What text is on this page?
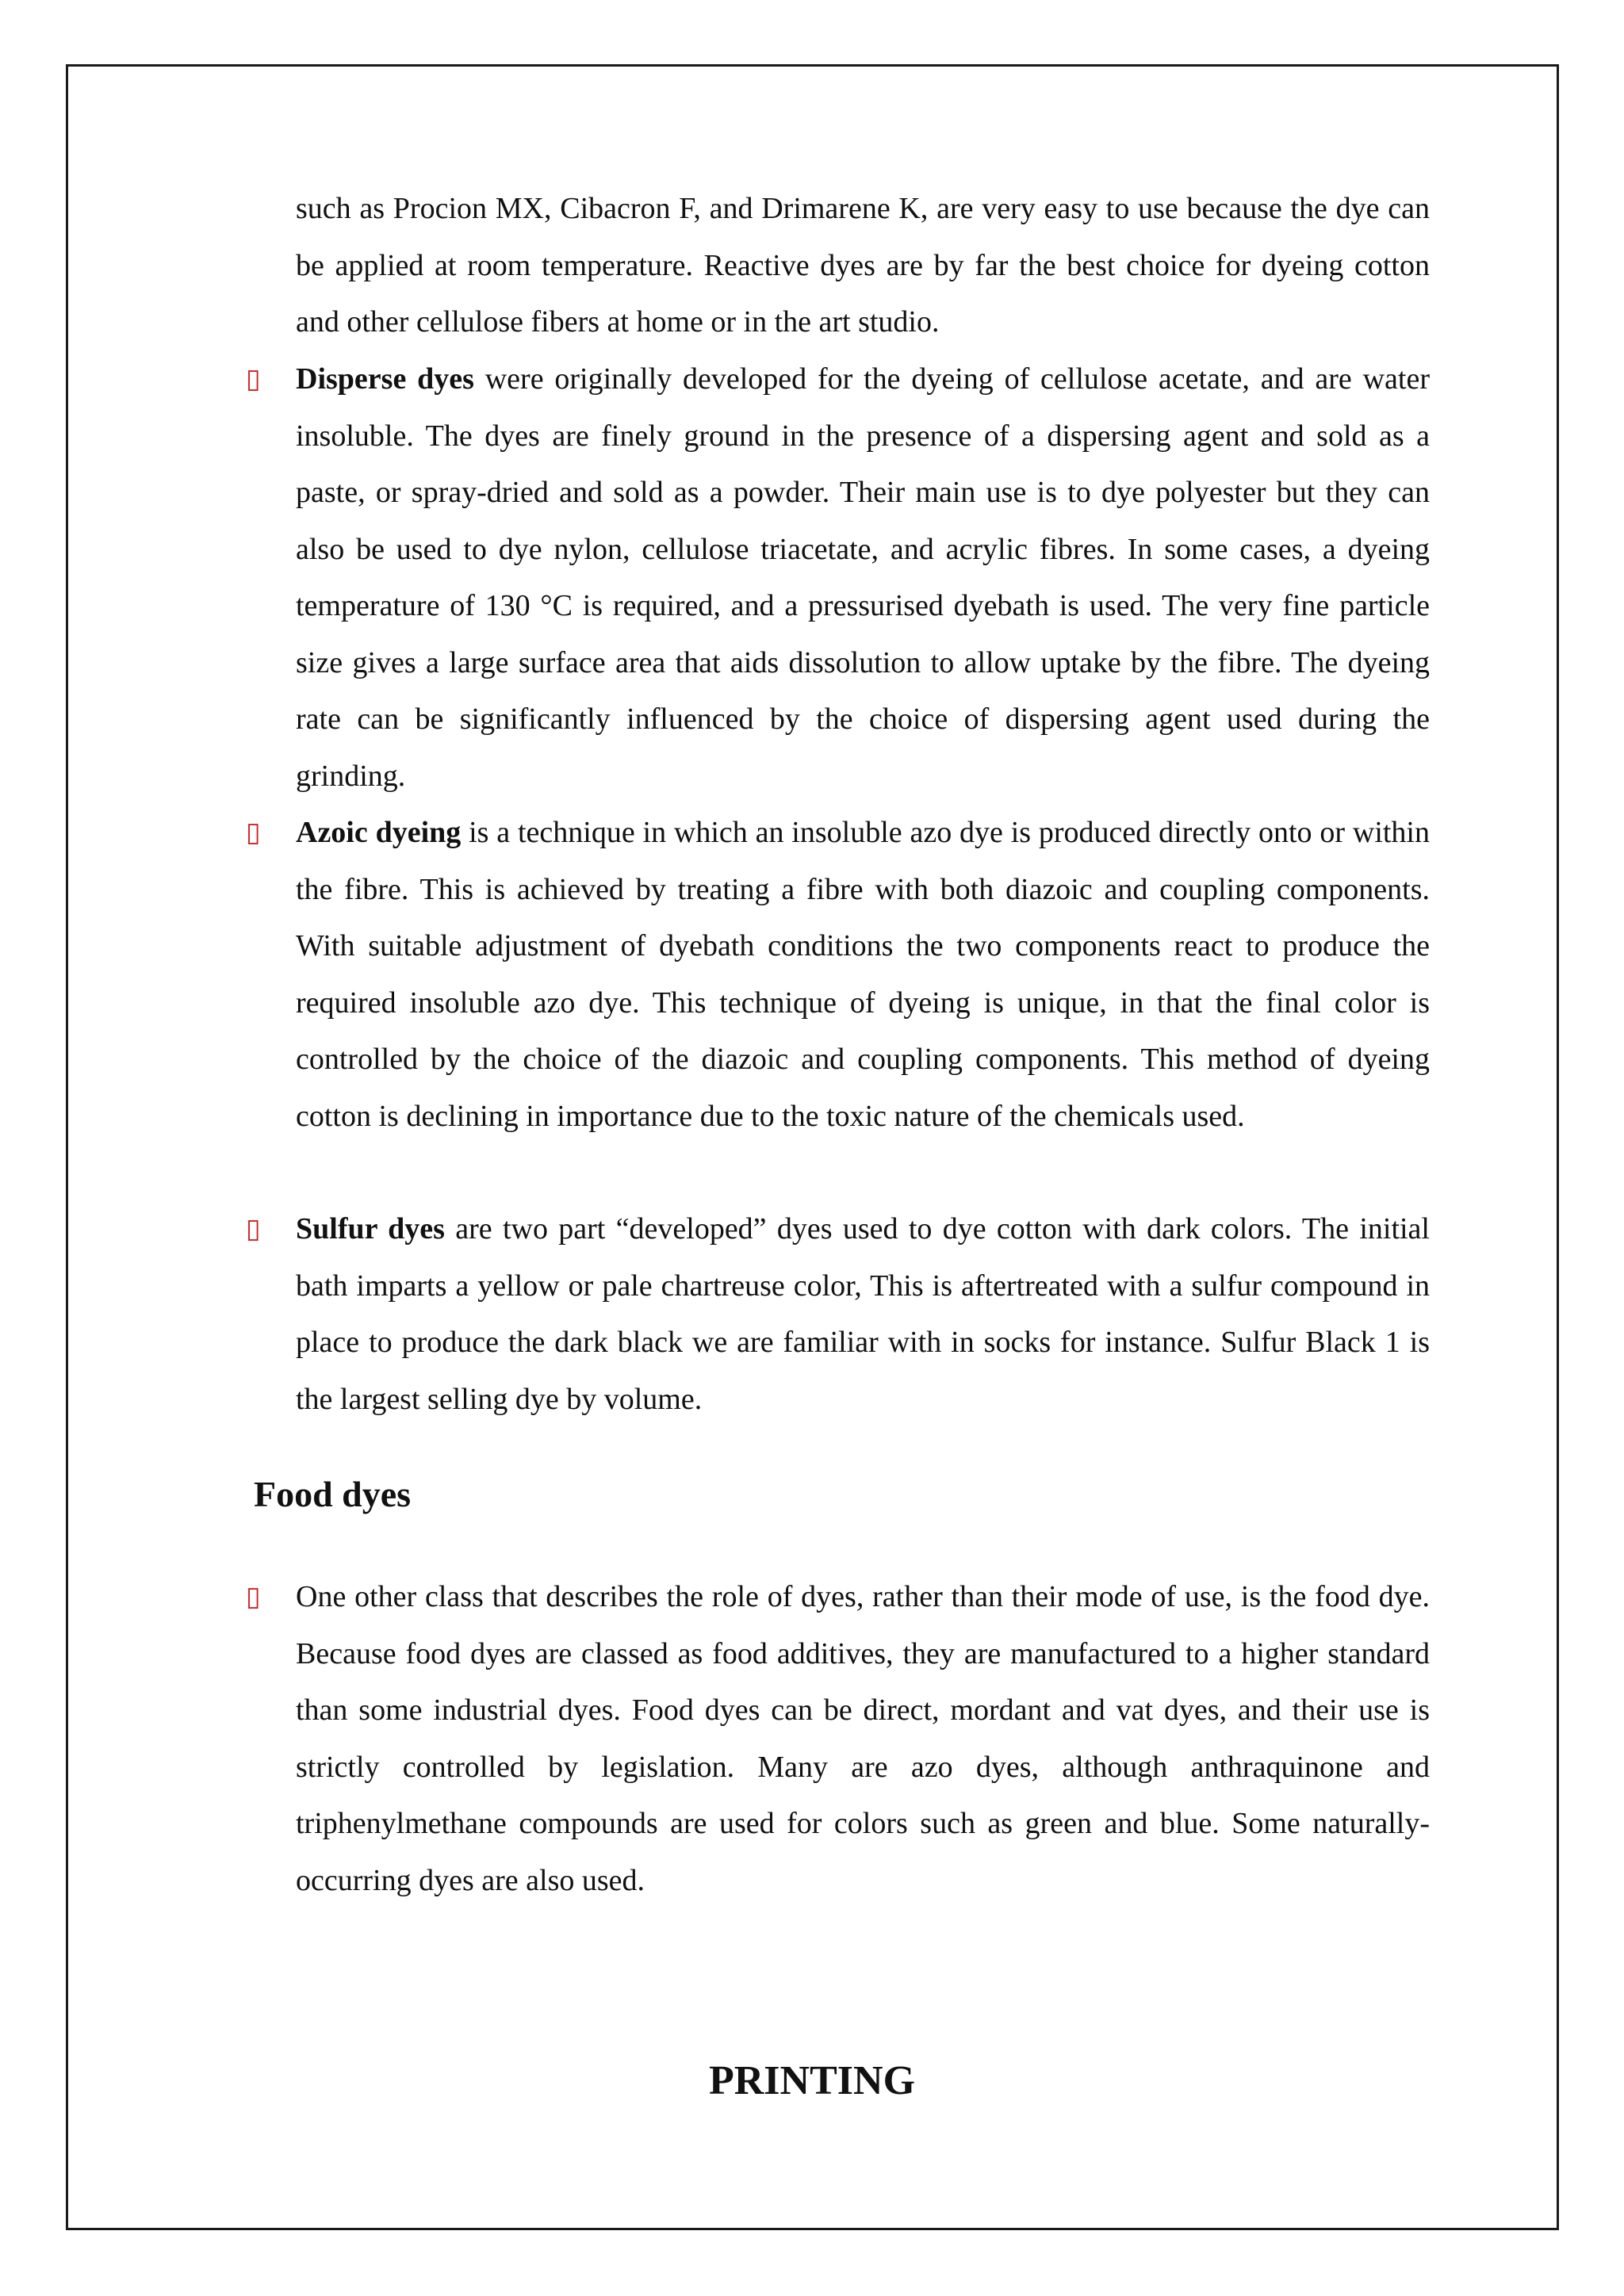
such as Procion MX, Cibacron F, and Drimarene K, are very easy to use because the dye can be applied at room temperature. Reactive dyes are by far the best choice for dyeing cotton and other cellulose fibers at home or in the art studio.

▯ Disperse dyes were originally developed for the dyeing of cellulose acetate, and are water insoluble. The dyes are finely ground in the presence of a dispersing agent and sold as a paste, or spray-dried and sold as a powder. Their main use is to dye polyester but they can also be used to dye nylon, cellulose triacetate, and acrylic fibres. In some cases, a dyeing temperature of 130 °C is required, and a pressurised dyebath is used. The very fine particle size gives a large surface area that aids dissolution to allow uptake by the fibre. The dyeing rate can be significantly influenced by the choice of dispersing agent used during the grinding.
▯ Azoic dyeing is a technique in which an insoluble azo dye is produced directly onto or within the fibre. This is achieved by treating a fibre with both diazoic and coupling components. With suitable adjustment of dyebath conditions the two components react to produce the required insoluble azo dye. This technique of dyeing is unique, in that the final color is controlled by the choice of the diazoic and coupling components. This method of dyeing cotton is declining in importance due to the toxic nature of the chemicals used.
▯ Sulfur dyes are two part “developed” dyes used to dye cotton with dark colors. The initial bath imparts a yellow or pale chartreuse color, This is aftertreated with a sulfur compound in place to produce the dark black we are familiar with in socks for instance. Sulfur Black 1 is the largest selling dye by volume.
Food dyes
▯ One other class that describes the role of dyes, rather than their mode of use, is the food dye. Because food dyes are classed as food additives, they are manufactured to a higher standard than some industrial dyes. Food dyes can be direct, mordant and vat dyes, and their use is strictly controlled by legislation. Many are azo dyes, although anthraquinone and triphenylmethane compounds are used for colors such as green and blue. Some naturally-occurring dyes are also used.
PRINTING
